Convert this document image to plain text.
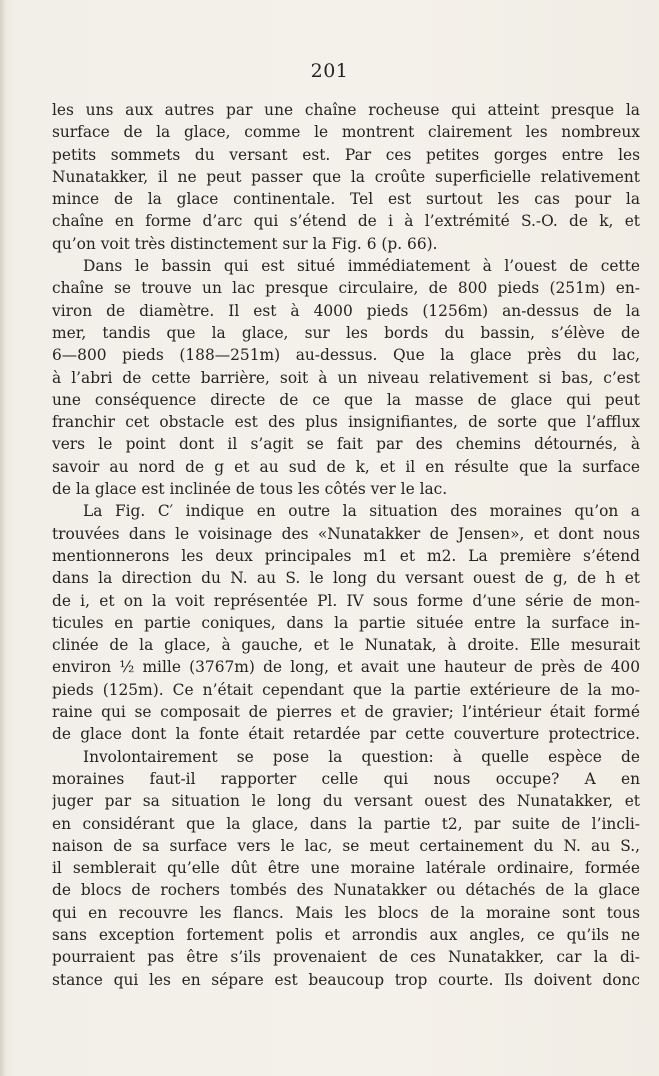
201
les uns aux autres par une chaîne rocheuse qui atteint presque la
surface de la glace, comme le montrent clairement les nombreux
petits sommets du versant est. Par ces petites gorges entre les
Nunatakker, il ne peut passer que la croûte superficielle relativement
mince de la glace continentale. Tel est surtout les cas pour la
chaîne en forme d’arc qui s’étend de i à l’extrémité S.-O. de k, et
qu’on voit très distinctement sur la Fig. 6 (p. 66).
Dans le bassin qui est situé immédiatement à l’ouest de cette
chaîne se trouve un lac presque circulaire, de 800 pieds (251m) en-
viron de diamètre. Il est à 4000 pieds (1256m) an-dessus de la
mer, tandis que la glace, sur les bords du bassin, s’élève de
6—800 pieds (188—251m) au-dessus. Que la glace près du lac,
à l’abri de cette barrière, soit à un niveau relativement si bas, c’est
une conséquence directe de ce que la masse de glace qui peut
franchir cet obstacle est des plus insignifiantes, de sorte que l’afflux
vers le point dont il s’agit se fait par des chemins détournés, à
savoir au nord de g et au sud de k, et il en résulte que la surface
de la glace est inclinée de tous les côtés ver le lac.
La Fig. C′ indique en outre la situation des moraines qu’on a
trouvées dans le voisinage des «Nunatakker de Jensen», et dont nous
mentionnerons les deux principales m1 et m2. La première s’étend
dans la direction du N. au S. le long du versant ouest de g, de h et
de i, et on la voit représentée Pl. IV sous forme d’une série de mon-
ticules en partie coniques, dans la partie située entre la surface in-
clinée de la glace, à gauche, et le Nunatak, à droite. Elle mesurait
environ ½ mille (3767m) de long, et avait une hauteur de près de 400
pieds (125m). Ce n’était cependant que la partie extérieure de la mo-
raine qui se composait de pierres et de gravier; l’intérieur était formé
de glace dont la fonte était retardée par cette couverture protectrice.
Involontairement se pose la question: à quelle espèce de
moraines faut-il rapporter celle qui nous occupe? A en
juger par sa situation le long du versant ouest des Nunatakker, et
en considérant que la glace, dans la partie t2, par suite de l’incli-
naison de sa surface vers le lac, se meut certainement du N. au S.,
il semblerait qu’elle dût être une moraine latérale ordinaire, formée
de blocs de rochers tombés des Nunatakker ou détachés de la glace
qui en recouvre les flancs. Mais les blocs de la moraine sont tous
sans exception fortement polis et arrondis aux angles, ce qu’ils ne
pourraient pas être s’ils provenaient de ces Nunatakker, car la di-
stance qui les en sépare est beaucoup trop courte. Ils doivent donc
